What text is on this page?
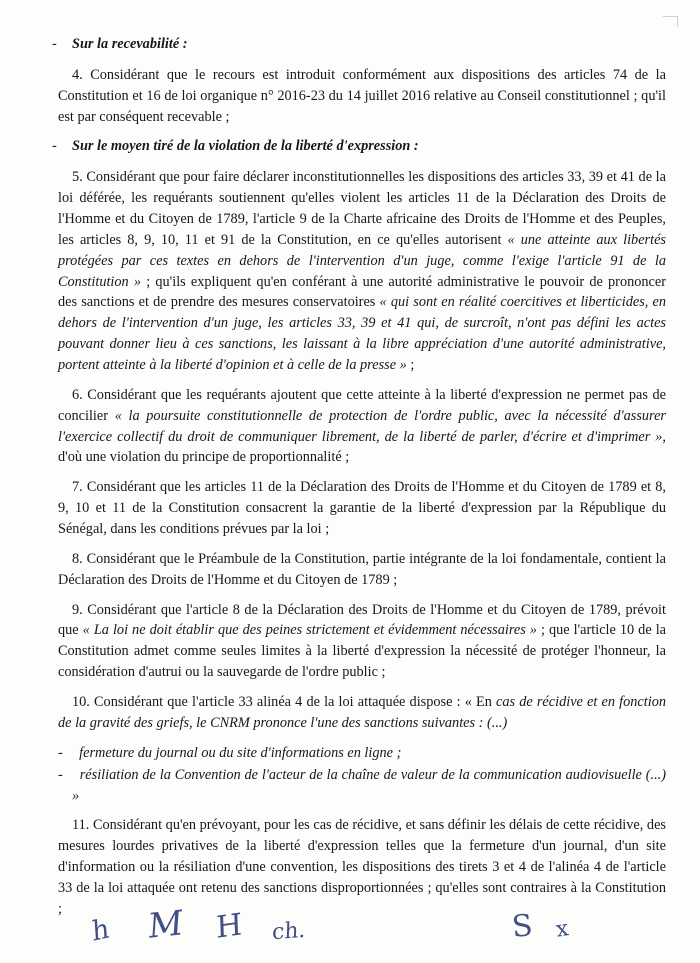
- Sur la recevabilité :

4. Considérant que le recours est introduit conformément aux dispositions des articles 74 de la Constitution et 16 de loi organique n° 2016-23 du 14 juillet 2016 relative au Conseil constitutionnel ; qu'il est par conséquent recevable ;

- Sur le moyen tiré de la violation de la liberté d'expression :

5. Considérant que pour faire déclarer inconstitutionnelles les dispositions des articles 33, 39 et 41 de la loi déférée, les requérants soutiennent qu'elles violent les articles 11 de la Déclaration des Droits de l'Homme et du Citoyen de 1789, l'article 9 de la Charte africaine des Droits de l'Homme et des Peuples, les articles 8, 9, 10, 11 et 91 de la Constitution, en ce qu'elles autorisent « une atteinte aux libertés protégées par ces textes en dehors de l'intervention d'un juge, comme l'exige l'article 91 de la Constitution » ; qu'ils expliquent qu'en conférant à une autorité administrative le pouvoir de prononcer des sanctions et de prendre des mesures conservatoires « qui sont en réalité coercitives et liberticides, en dehors de l'intervention d'un juge, les articles 33, 39 et 41 qui, de surcroît, n'ont pas défini les actes pouvant donner lieu à ces sanctions, les laissant à la libre appréciation d'une autorité administrative, portent atteinte à la liberté d'opinion et à celle de la presse » ;

6. Considérant que les requérants ajoutent que cette atteinte à la liberté d'expression ne permet pas de concilier « la poursuite constitutionnelle de protection de l'ordre public, avec la nécessité d'assurer l'exercice collectif du droit de communiquer librement, de la liberté de parler, d'écrire et d'imprimer », d'où une violation du principe de proportionnalité ;

7. Considérant que les articles 11 de la Déclaration des Droits de l'Homme et du Citoyen de 1789 et 8, 9, 10 et 11 de la Constitution consacrent la garantie de la liberté d'expression par la République du Sénégal, dans les conditions prévues par la loi ;

8. Considérant que le Préambule de la Constitution, partie intégrante de la loi fondamentale, contient la Déclaration des Droits de l'Homme et du Citoyen de 1789 ;

9. Considérant que l'article 8 de la Déclaration des Droits de l'Homme et du Citoyen de 1789, prévoit que « La loi ne doit établir que des peines strictement et évidemment nécessaires » ; que l'article 10 de la Constitution admet comme seules limites à la liberté d'expression la nécessité de protéger l'honneur, la considération d'autrui ou la sauvegarde de l'ordre public ;

10. Considérant que l'article 33 alinéa 4 de la loi attaquée dispose : « En cas de récidive et en fonction de la gravité des griefs, le CNRM prononce l'une des sanctions suivantes : (...)

- fermeture du journal ou du site d'informations en ligne ;

- résiliation de la Convention de l'acteur de la chaîne de valeur de la communication audiovisuelle (...) »

11. Considérant qu'en prévoyant, pour les cas de récidive, et sans définir les délais de cette récidive, des mesures lourdes privatives de la liberté d'expression telles que la fermeture d'un journal, d'un site d'information ou la résiliation d'une convention, les dispositions des tirets 3 et 4 de l'alinéa 4 de l'article 33 de la loi attaquée ont retenu des sanctions disproportionnées ; qu'elles sont contraires à la Constitution ;

h M H ch.	S x
